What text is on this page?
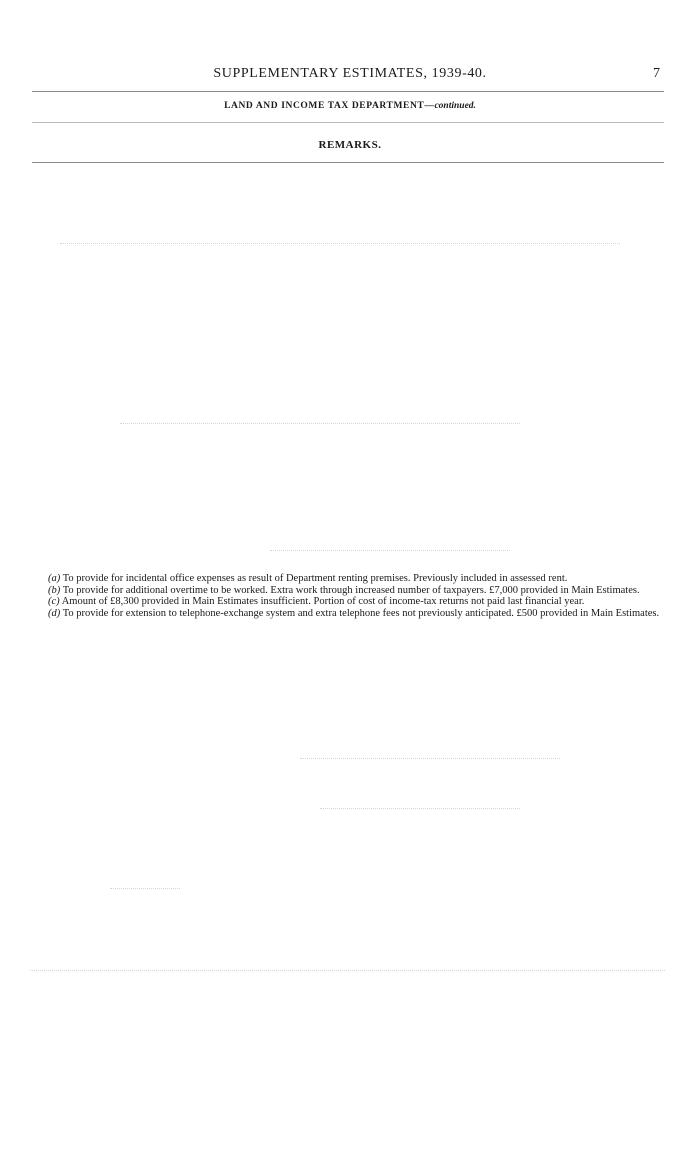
SUPPLEMENTARY ESTIMATES, 1939-40.	7
LAND AND INCOME TAX DEPARTMENT—continued.
REMARKS.

(a) To provide for incidental office expenses as result of Department renting premises. Previously included in assessed rent.

(b) To provide for additional overtime to be worked. Extra work through increased number of taxpayers. £7,000 provided in Main Estimates.

(c) Amount of £8,300 provided in Main Estimates insufficient. Portion of cost of income-tax returns not paid last financial year.

(d) To provide for extension to telephone-exchange system and extra telephone fees not previously anticipated. £500 provided in Main Estimates.
